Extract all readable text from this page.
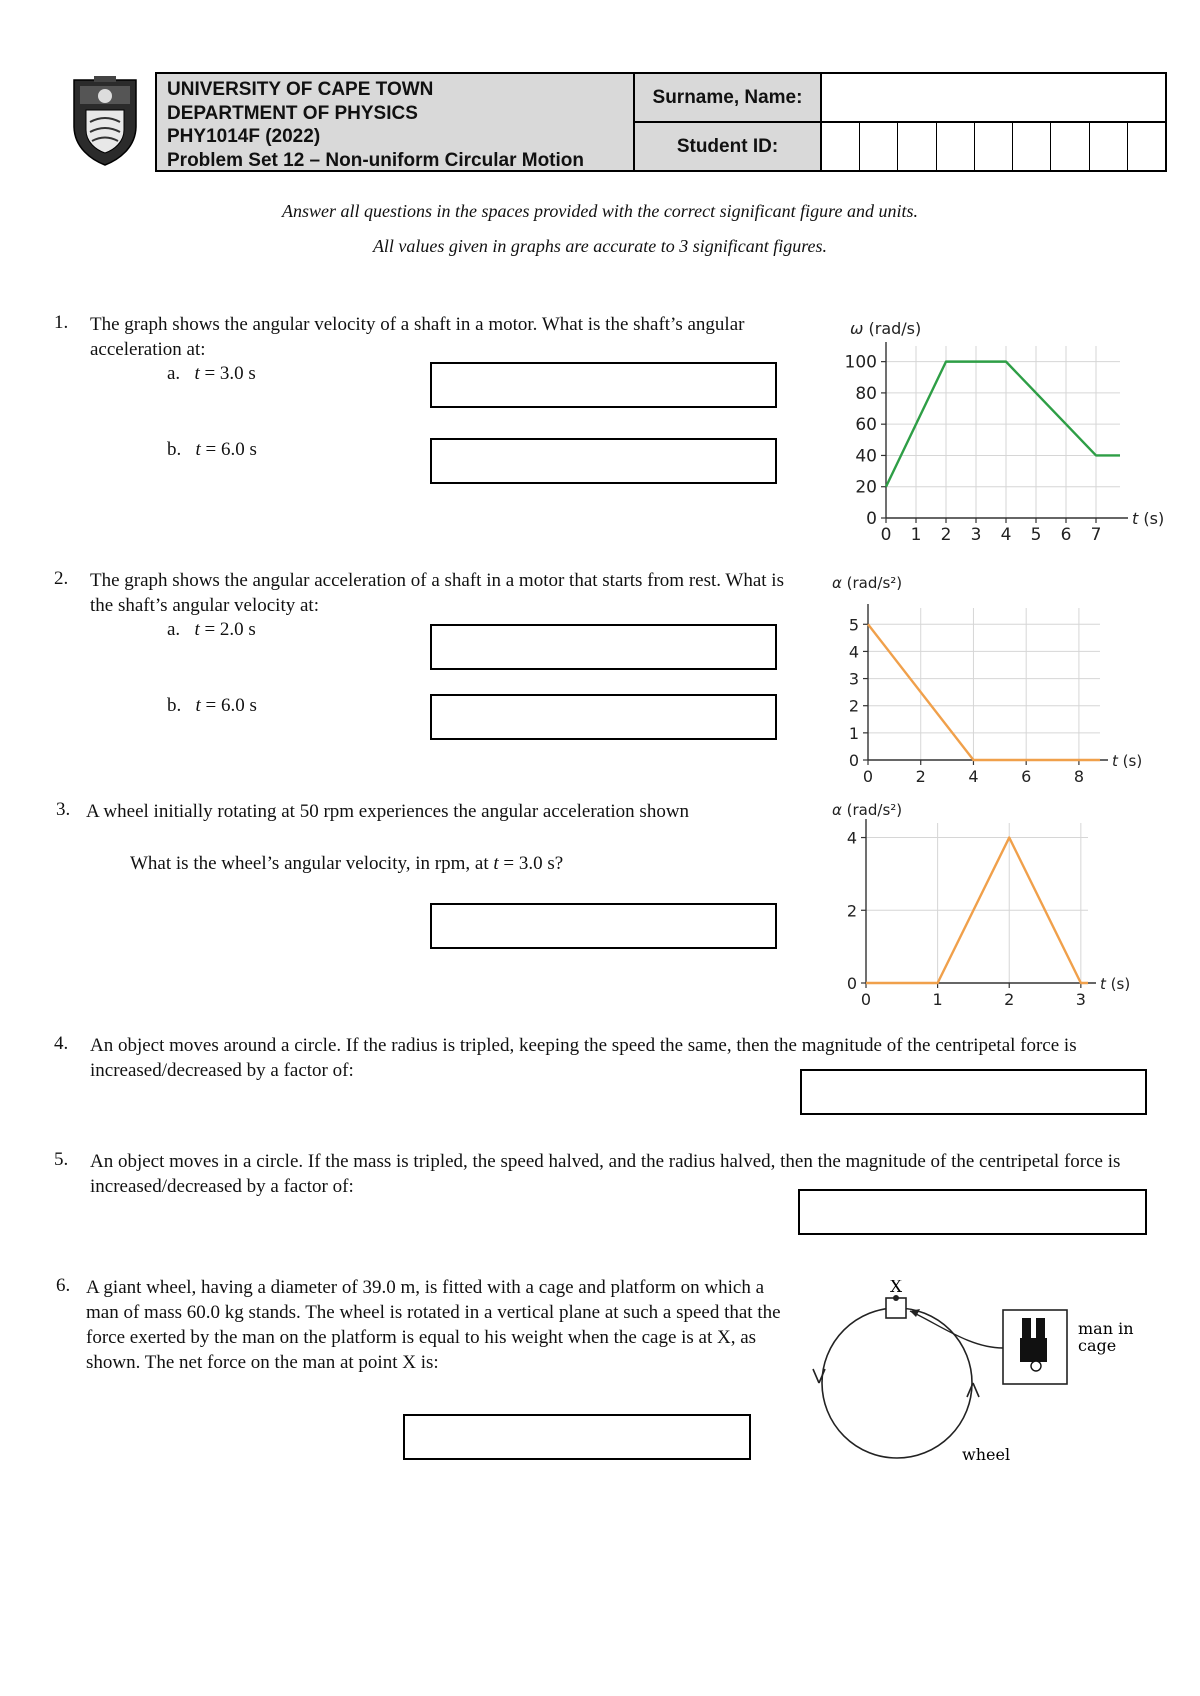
UNIVERSITY OF CAPE TOWN
DEPARTMENT OF PHYSICS
PHY1014F (2022)
Problem Set 12 – Non-uniform Circular Motion
Surname, Name:
Student ID:
Answer all questions in the spaces provided with the correct significant figure and units.
All values given in graphs are accurate to 3 significant figures.
1. The graph shows the angular velocity of a shaft in a motor. What is the shaft’s angular acceleration at:
a. t = 3.0 s
b. t = 6.0 s
0 1 2 3 4 5 6 7
0
20
40
60
80
100
ω (rad/s)
t (s)
2. The graph shows the angular acceleration of a shaft in a motor that starts from rest. What is the shaft’s angular velocity at:
a. t = 2.0 s
b. t = 6.0 s
0	2	4	6	8
0
1
2
3
4
5
α (rad/s²)
t (s)
3. A wheel initially rotating at 50 rpm experiences the angular acceleration shown
What is the wheel’s angular velocity, in rpm, at t = 3.0 s?
0	1	2	3
0
2
4
α (rad/s²)
t (s)
4. An object moves around a circle. If the radius is tripled, keeping the speed the same, then the magnitude of the centripetal force is increased/decreased by a factor of:
5. An object moves in a circle. If the mass is tripled, the speed halved, and the radius halved, then the magnitude of the centripetal force is increased/decreased by a factor of:
6. A giant wheel, having a diameter of 39.0 m, is fitted with a cage and platform on which a man of mass 60.0 kg stands. The wheel is rotated in a vertical plane at such a speed that the force exerted by the man on the platform is equal to his weight when the cage is at X, as shown. The net force on the man at point X is:
X
man in
cage
wheel
